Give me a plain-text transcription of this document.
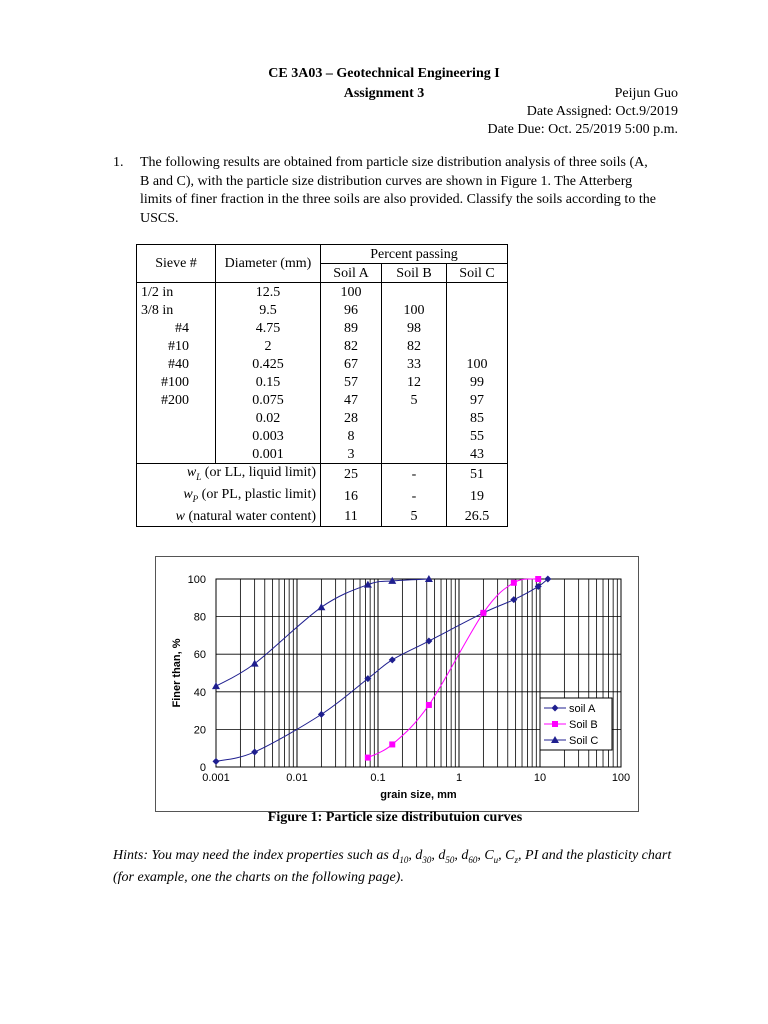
CE 3A03 – Geotechnical Engineering I
Assignment 3	Peijun Guo
Date Assigned: Oct.9/2019
Date Due: Oct. 25/2019 5:00 p.m.
1. The following results are obtained from particle size distribution analysis of three soils (A, B and C), with the particle size distribution curves are shown in Figure 1. The Atterberg limits of finer fraction in the three soils are also provided. Classify the soils according to the USCS.
Sieve #	Diameter (mm)	Percent passing		
		Soil A	Soil B	Soil C
1/2 in	12.5	100		
3/8 in	9.5	96	100	
#4	4.75	89	98	
#10	2	82	82	
#40	0.425	67	33	100
#100	0.15	57	12	99
#200	0.075	47	5	97
	0.02	28		85
	0.003	8		55
	0.001	3		43
$w_L$ (or LL, liquid limit)		25	-	51
$w_P$ (or PL, plastic limit)		16	-	19
w (natural water content)		11	5	26.5
0
20
40
60
80
100
0.001	0.01	0.1	1	10	100
grain size, mm
Finer than, %
soil A
Soil B
Soil C
Figure 1: Particle size distributuion curves
Hints: You may need the index properties such as $d_{10}$, $d_{30}$, $d_{50}$, $d_{60}$, $C_u$, $C_z$, PI and the plasticity chart (for example, one the charts on the following page).
